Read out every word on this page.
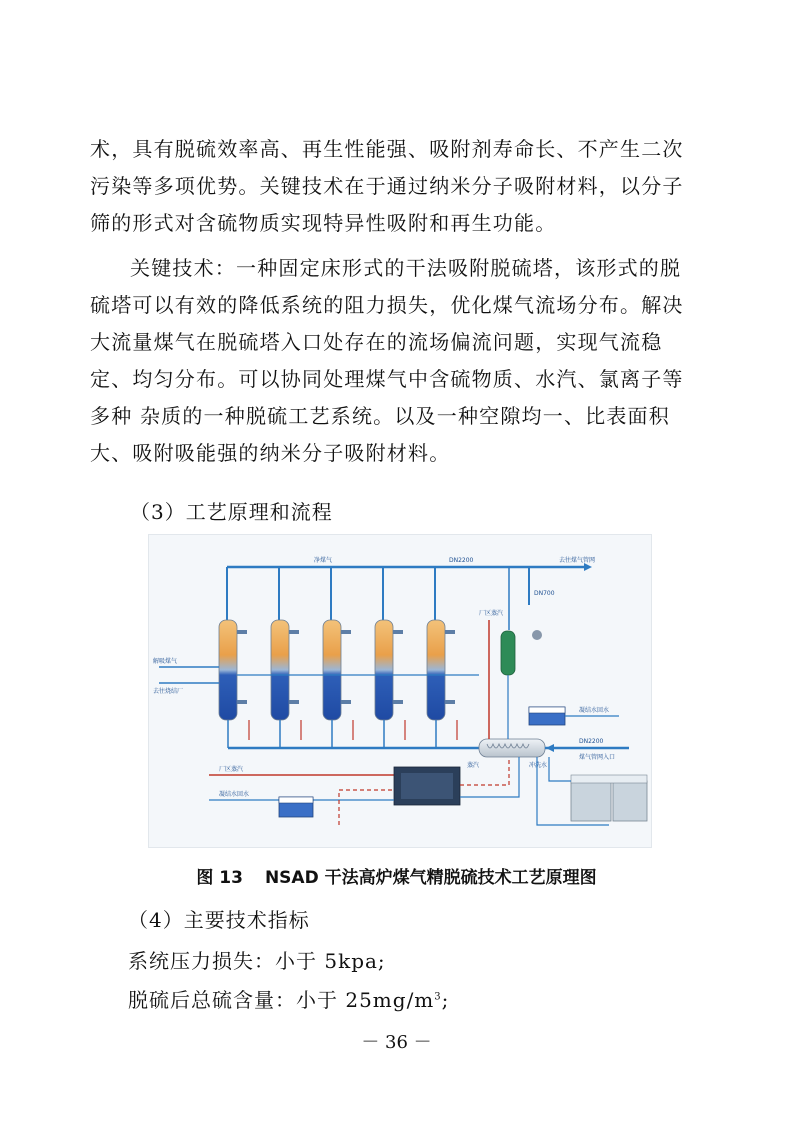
术，具有脱硫效率高、再生性能强、吸附剂寿命长、不产生二次污染等多项优势。关键技术在于通过纳米分子吸附材料，以分子筛的形式对含硫物质实现特异性吸附和再生功能。

关键技术：一种固定床形式的干法吸附脱硫塔，该形式的脱硫塔可以有效的降低系统的阻力损失，优化煤气流场分布。解决大流量煤气在脱硫塔入口处存在的流场偏流问题，实现气流稳定、均匀分布。可以协同处理煤气中含硫物质、水汽、氯离子等多种 杂质的一种脱硫工艺系统。以及一种空隙均一、比表面积大、吸附吸能强的纳米分子吸附材料。

（3）工艺原理和流程

净煤气	DN2200	去往煤气管网
DN700
解吸煤气
去往烧结厂
DN2200
煤气管网入口
蒸汽	冲洗水
厂区蒸汽
凝结水回水
厂区蒸汽
凝结水回水
图 13 NSAD 干法高炉煤气精脱硫技术工艺原理图

（4）主要技术指标

系统压力损失：小于 5kpa;

脱硫后总硫含量：小于 $25mg/m^3$;

－ 36 －
